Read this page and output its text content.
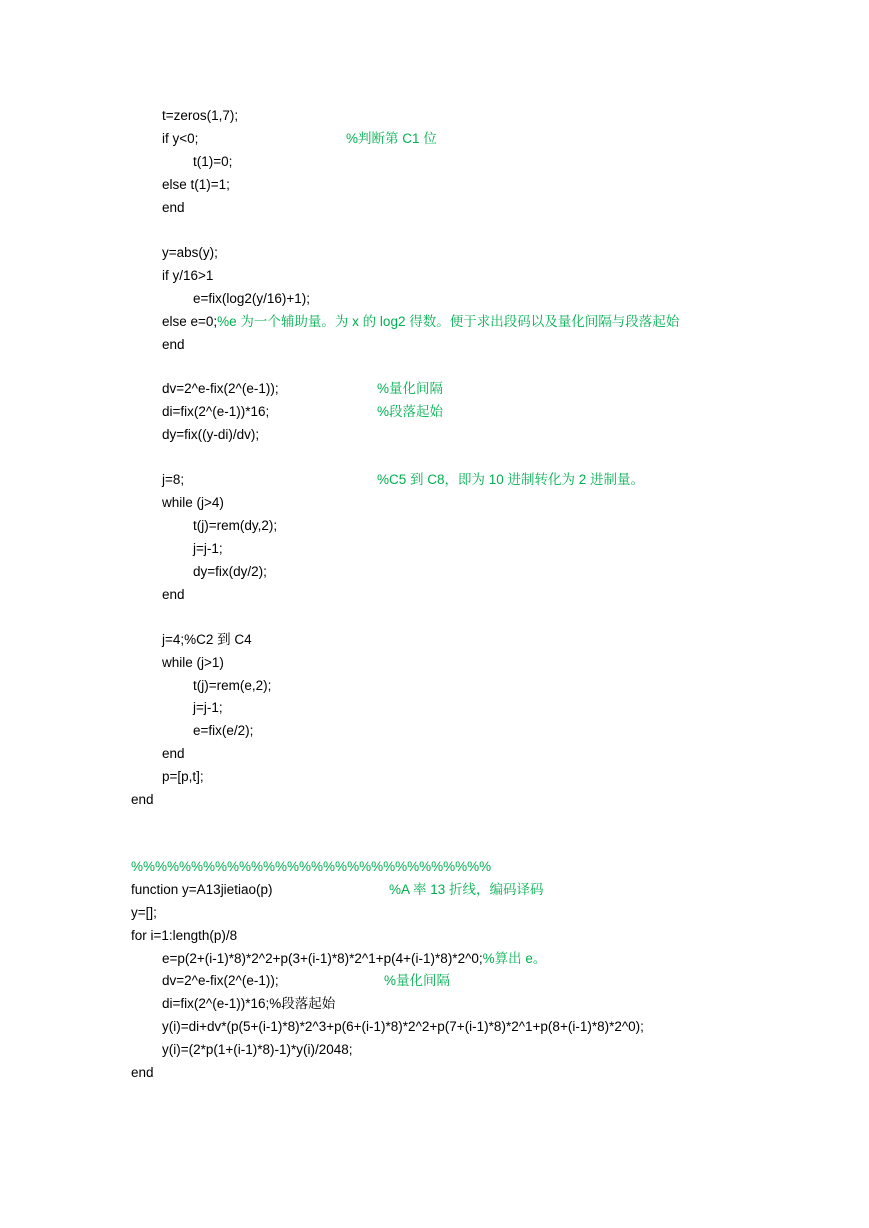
t=zeros(1,7);
if y<0;	%判断第 C1 位
t(1)=0;
else t(1)=1;
end
y=abs(y);
if y/16>1
e=fix(log2(y/16)+1);
else e=0;%e 为一个辅助量。为 x 的 log2 得数。便于求出段码以及量化间隔与段落起始
end
dv=2^e-fix(2^(e-1));	%量化间隔
di=fix(2^(e-1))*16;	%段落起始
dy=fix((y-di)/dv);
j=8;	%C5 到 C8，即为 10 进制转化为 2 进制量。
while (j>4)
t(j)=rem(dy,2);
j=j-1;
dy=fix(dy/2);
end
j=4;%C2 到 C4
while (j>1)
t(j)=rem(e,2);
j=j-1;
e=fix(e/2);
end
p=[p,t];
end
%%%%%%%%%%%%%%%%%%%%%%%%%%%%%%
function y=A13jietiao(p)	%A 率 13 折线，编码译码
y=[];
for i=1:length(p)/8
e=p(2+(i-1)*8)*2^2+p(3+(i-1)*8)*2^1+p(4+(i-1)*8)*2^0;%算出 e。
dv=2^e-fix(2^(e-1));	%量化间隔
di=fix(2^(e-1))*16;%段落起始
y(i)=di+dv*(p(5+(i-1)*8)*2^3+p(6+(i-1)*8)*2^2+p(7+(i-1)*8)*2^1+p(8+(i-1)*8)*2^0);
y(i)=(2*p(1+(i-1)*8)-1)*y(i)/2048;
end
